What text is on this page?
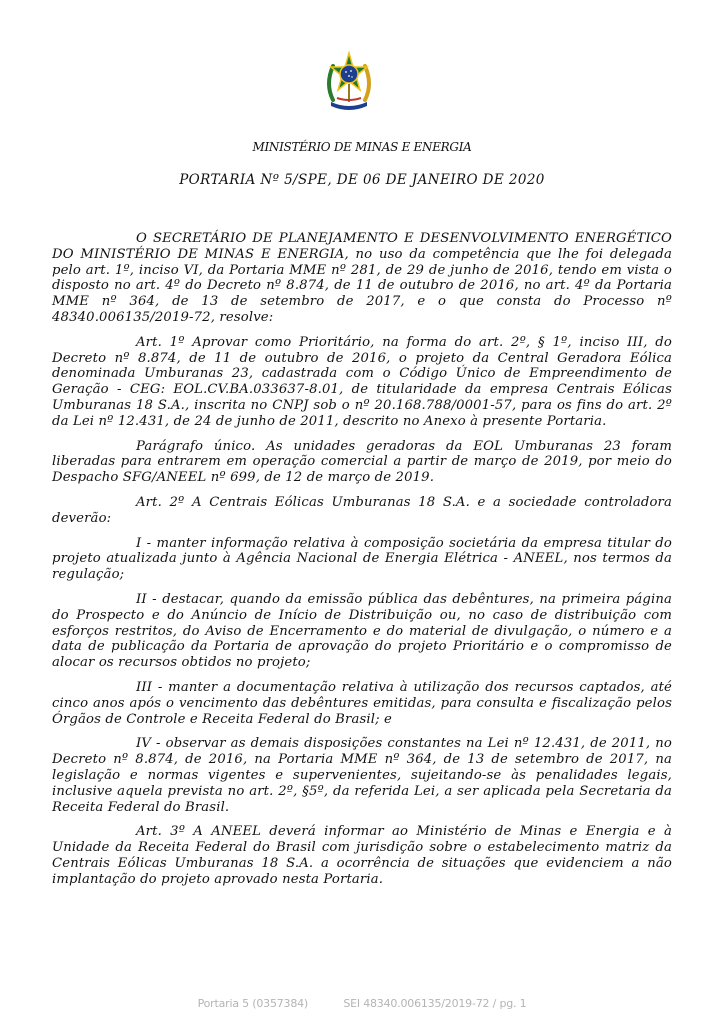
MINISTÉRIO DE MINAS E ENERGIA
PORTARIA Nº 5/SPE, DE 06 DE JANEIRO DE 2020

O SECRETÁRIO DE PLANEJAMENTO E DESENVOLVIMENTO ENERGÉTICO DO MINISTÉRIO DE MINAS E ENERGIA, no uso da competência que lhe foi delegada pelo art. 1º, inciso VI, da Portaria MME nº 281, de 29 de junho de 2016, tendo em vista o disposto no art. 4º do Decreto nº 8.874, de 11 de outubro de 2016, no art. 4º da Portaria MME nº 364, de 13 de setembro de 2017, e o que consta do Processo nº 48340.006135/2019-72, resolve:

Art. 1º Aprovar como Prioritário, na forma do art. 2º, § 1º, inciso III, do Decreto nº 8.874, de 11 de outubro de 2016, o projeto da Central Geradora Eólica denominada Umburanas 23, cadastrada com o Código Único de Empreendimento de Geração - CEG: EOL.CV.BA.033637-8.01, de titularidade da empresa Centrais Eólicas Umburanas 18 S.A., inscrita no CNPJ sob o nº 20.168.788/0001-57, para os fins do art. 2º da Lei nº 12.431, de 24 de junho de 2011, descrito no Anexo à presente Portaria.

Parágrafo único. As unidades geradoras da EOL Umburanas 23 foram liberadas para entrarem em operação comercial a partir de março de 2019, por meio do Despacho SFG/ANEEL nº 699, de 12 de março de 2019.

Art. 2º A Centrais Eólicas Umburanas 18 S.A. e a sociedade controladora deverão:

I - manter informação relativa à composição societária da empresa titular do projeto atualizada junto à Agência Nacional de Energia Elétrica - ANEEL, nos termos da regulação;

II - destacar, quando da emissão pública das debêntures, na primeira página do Prospecto e do Anúncio de Início de Distribuição ou, no caso de distribuição com esforços restritos, do Aviso de Encerramento e do material de divulgação, o número e a data de publicação da Portaria de aprovação do projeto Prioritário e o compromisso de alocar os recursos obtidos no projeto;

III - manter a documentação relativa à utilização dos recursos captados, até cinco anos após o vencimento das debêntures emitidas, para consulta e fiscalização pelos Órgãos de Controle e Receita Federal do Brasil; e

IV - observar as demais disposições constantes na Lei nº 12.431, de 2011, no Decreto nº 8.874, de 2016, na Portaria MME nº 364, de 13 de setembro de 2017, na legislação e normas vigentes e supervenientes, sujeitando-se às penalidades legais, inclusive aquela prevista no art. 2º, §5º, da referida Lei, a ser aplicada pela Secretaria da Receita Federal do Brasil.

Art. 3º A ANEEL deverá informar ao Ministério de Minas e Energia e à Unidade da Receita Federal do Brasil com jurisdição sobre o estabelecimento matriz da Centrais Eólicas Umburanas 18 S.A. a ocorrência de situações que evidenciem a não implantação do projeto aprovado nesta Portaria.

Portaria 5 (0357384)	SEI 48340.006135/2019-72 / pg. 1
